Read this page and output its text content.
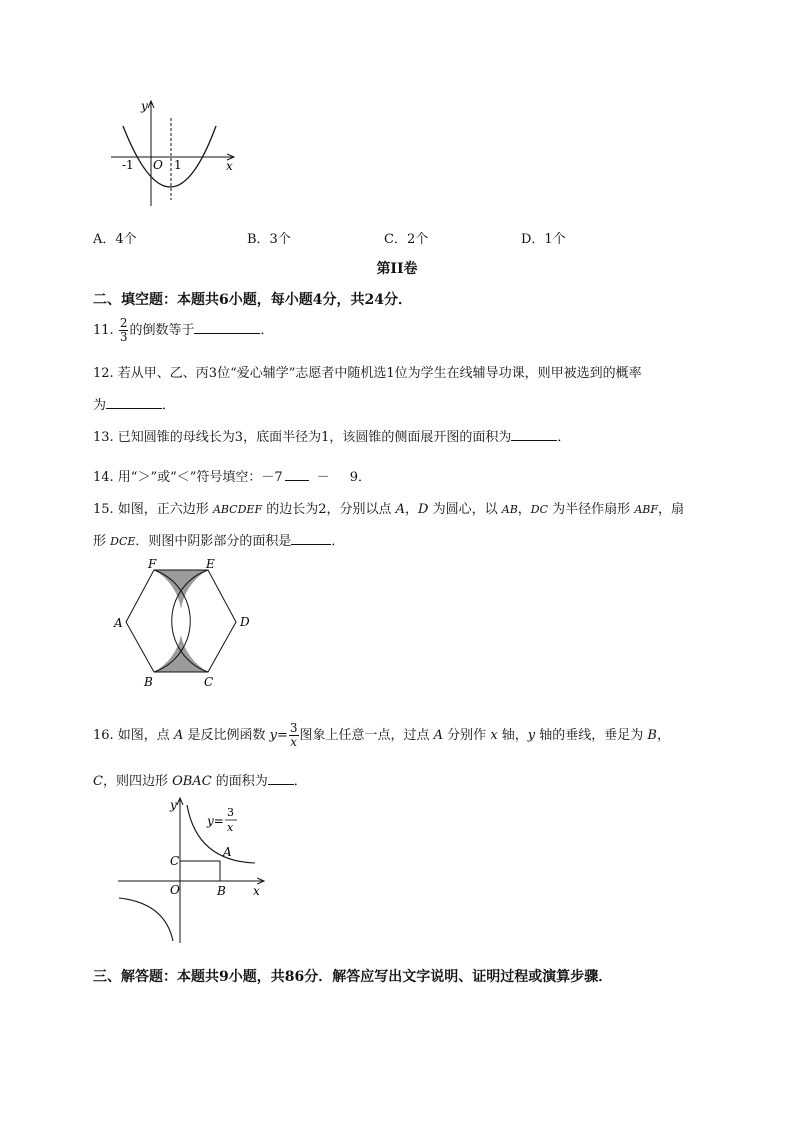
y
x
-1 O 1
A．4个	B．3个	C．2个	D．1个
第II卷
二、填空题：本题共6小题，每小题4分，共24分．
11. $\frac{2}{3}$ 的倒数等于	．
12. 若从甲、乙、丙3位“爱心辅学”志愿者中随机选1位为学生在线辅导功课，则甲被选到的概率
为	．
13. 已知圆锥的母线长为3，底面半径为1，该圆锥的侧面展开图的面积为	．
14. 用“＞”或“＜”符号填空：－7	－ 9．
15. 如图，正六边形 ABCDEF 的边长为2，分别以点 A，D 为圆心，以 AB，DC 为半径作扇形 ABF，扇
形 DCE．则图中阴影部分的面积是	．
F	E
A	D
B	C
16. 如图，点 A 是反比例函数 $y= \frac{3}{x}$ 图象上任意一点，过点 A 分别作 x 轴，y 轴的垂线，垂足为 B，
C，则四边形 OBAC 的面积为 ．
y
x
y=
3
x
C
A
O	B
三、解答题：本题共9小题，共86分．解答应写出文字说明、证明过程或演算步骤．
